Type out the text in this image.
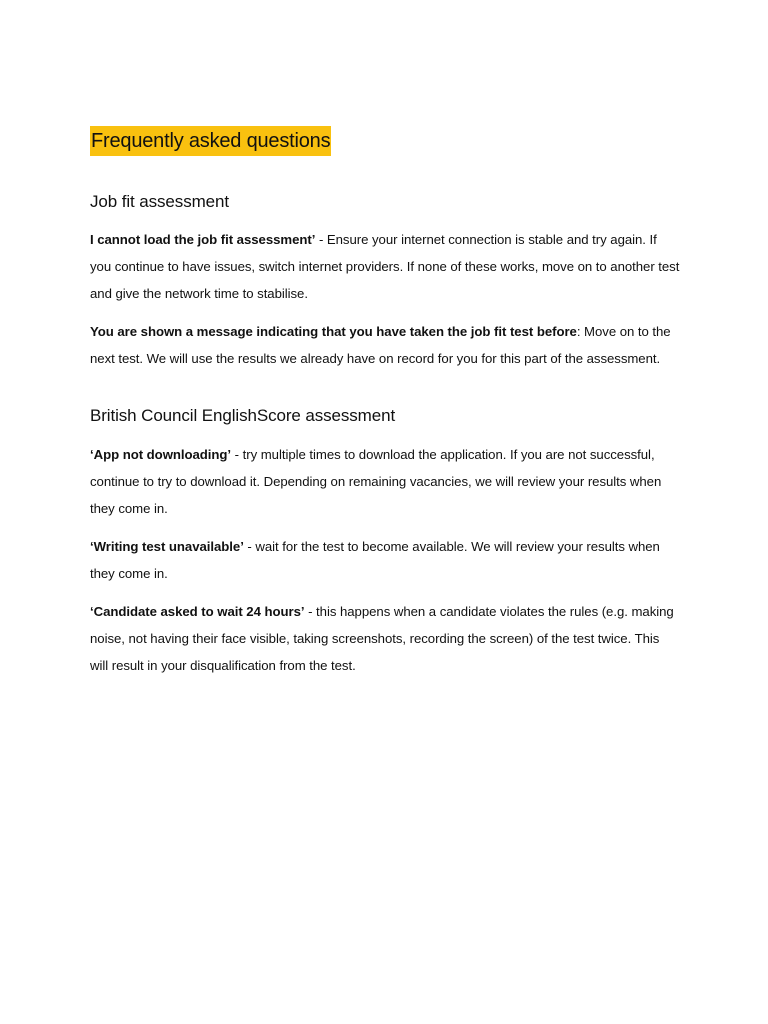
Frequently asked questions
Job fit assessment

I cannot load the job fit assessment’ - Ensure your internet connection is stable and try again. If you continue to have issues, switch internet providers. If none of these works, move on to another test and give the network time to stabilise.

You are shown a message indicating that you have taken the job fit test before: Move on to the next test. We will use the results we already have on record for you for this part of the assessment.

British Council EnglishScore assessment

‘App not downloading’ - try multiple times to download the application. If you are not successful, continue to try to download it. Depending on remaining vacancies, we will review your results when they come in.

‘Writing test unavailable’ - wait for the test to become available. We will review your results when they come in.

‘Candidate asked to wait 24 hours’ - this happens when a candidate violates the rules (e.g. making noise, not having their face visible, taking screenshots, recording the screen) of the test twice. This will result in your disqualification from the test.
